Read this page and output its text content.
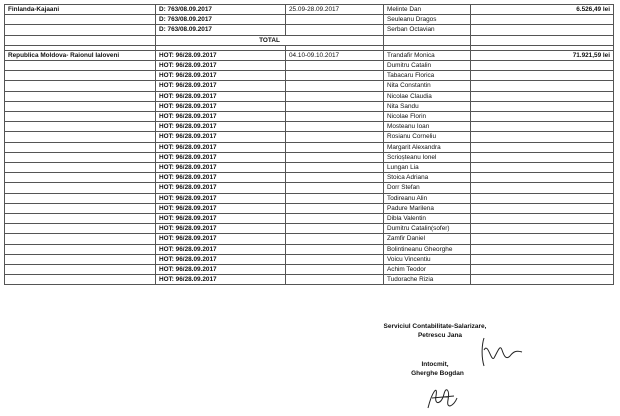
Finlanda-Kajaani	D: 763/08.09.2017	25.09-28.09.2017	Melinte Dan	6.526,49 lei
	D: 763/08.09.2017		Seuleanu Dragos	
	D: 763/08.09.2017		Serban Octavian	
	TOTAL			

Republica Moldova- Raionul Ialoveni	HOT: 96/28.09.2017	04.10-09.10.2017	Trandafir Monica	71.921,59 lei
	HOT: 96/28.09.2017		Dumitru Catalin	
	HOT: 96/28.09.2017		Tabacaru Florica	
	HOT: 96/28.09.2017		Nita Constantin	
	HOT: 96/28.09.2017		Nicolae Claudia	
	HOT: 96/28.09.2017		Nita Sandu	
	HOT: 96/28.09.2017		Nicolae Florin	
	HOT: 96/28.09.2017		Mosteanu Ioan	
	HOT: 96/28.09.2017		Rosianu Corneliu	
	HOT: 96/28.09.2017		Margarit Alexandra	
	HOT: 96/28.09.2017		Scrioșteanu Ionel	
	HOT: 96/28.09.2017		Lungan Lia	
	HOT: 96/28.09.2017		Stoica Adriana	
	HOT: 96/28.09.2017		Dorr Stefan	
	HOT: 96/28.09.2017		Todireanu Alin	
	HOT: 96/28.09.2017		Padure Marilena	
	HOT: 96/28.09.2017		Dibla Valentin	
	HOT: 96/28.09.2017		Dumitru Catalin(sofer)	
	HOT: 96/28.09.2017		Zamfir Daniel	
	HOT: 96/28.09.2017		Bolintineanu Gheorghe	
	HOT: 96/28.09.2017		Voicu Vincentiu	
	HOT: 96/28.09.2017		Achim Teodor	
	HOT: 96/28.09.2017		Tudorache Rizia	
Serviciul Contabilitate-Salarizare,
Petrescu Jana
Intocmit,
Gherghe Bogdan
